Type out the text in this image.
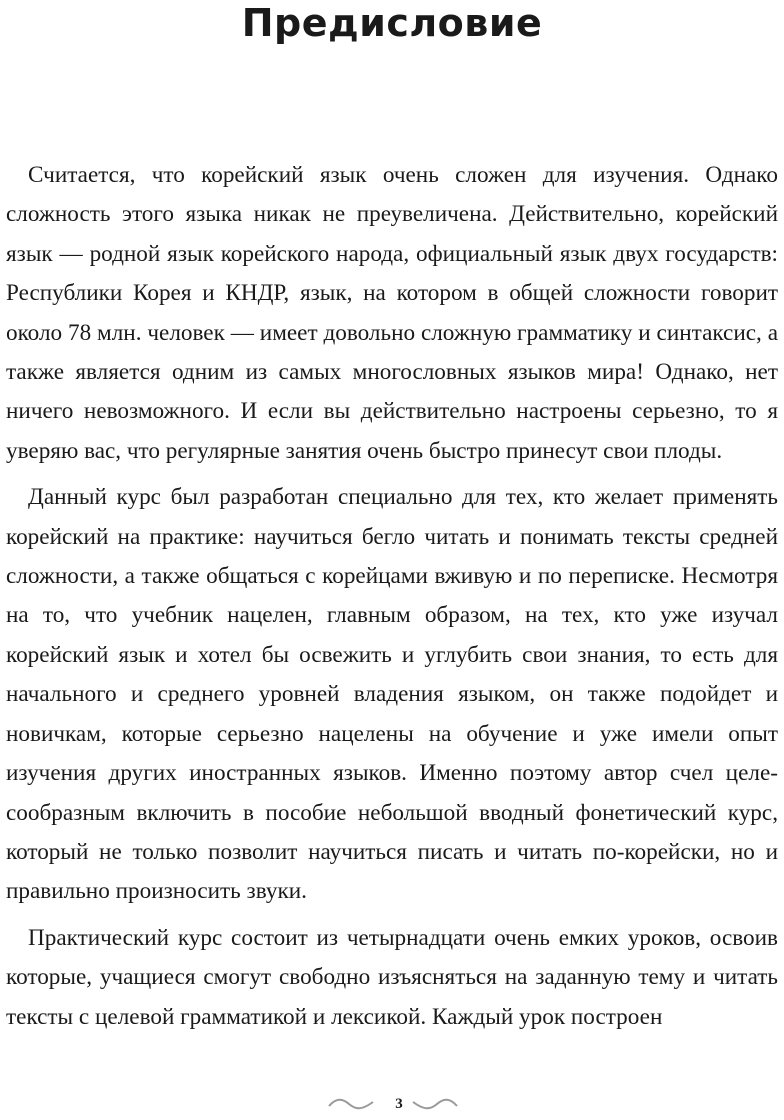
Предисловие

Считается, что корейский язык очень сложен для изучения. Однако сложность этого языка никак не преувеличена. Действительно, корейский язык — родной язык корейского народа, официальный язык двух государств: Республики Корея и КНДР, язык, на котором в общей сложности говорит около 78 млн. человек — имеет довольно сложную грамматику и синтаксис, а также является одним из самых многословных языков мира! Однако, нет ничего невозможного. И если вы действительно настроены серьезно, то я уверяю вас, что регулярные занятия очень быстро принесут свои плоды.

Данный курс был разработан специально для тех, кто желает применять корейский на практике: научиться бегло читать и понимать тексты средней сложности, а также общаться с корейцами вживую и по переписке. Несмотря на то, что учебник нацелен, главным образом, на тех, кто уже изучал корейский язык и хотел бы освежить и углубить свои знания, то есть для начального и среднего уровней владения языком, он также подойдет и новичкам, которые серьезно нацелены на обучение и уже имели опыт изучения других иностранных языков. Именно поэтому автор счел целесообразным включить в пособие небольшой вводный фонетический курс, который не только позволит научиться писать и читать по-корейски, но и правильно произносить звуки.

Практический курс состоит из четырнадцати очень емких уроков, освоив которые, учащиеся смогут свободно изъясняться на заданную тему и читать тексты с целевой грамматикой и лексикой. Каждый урок построен

3
